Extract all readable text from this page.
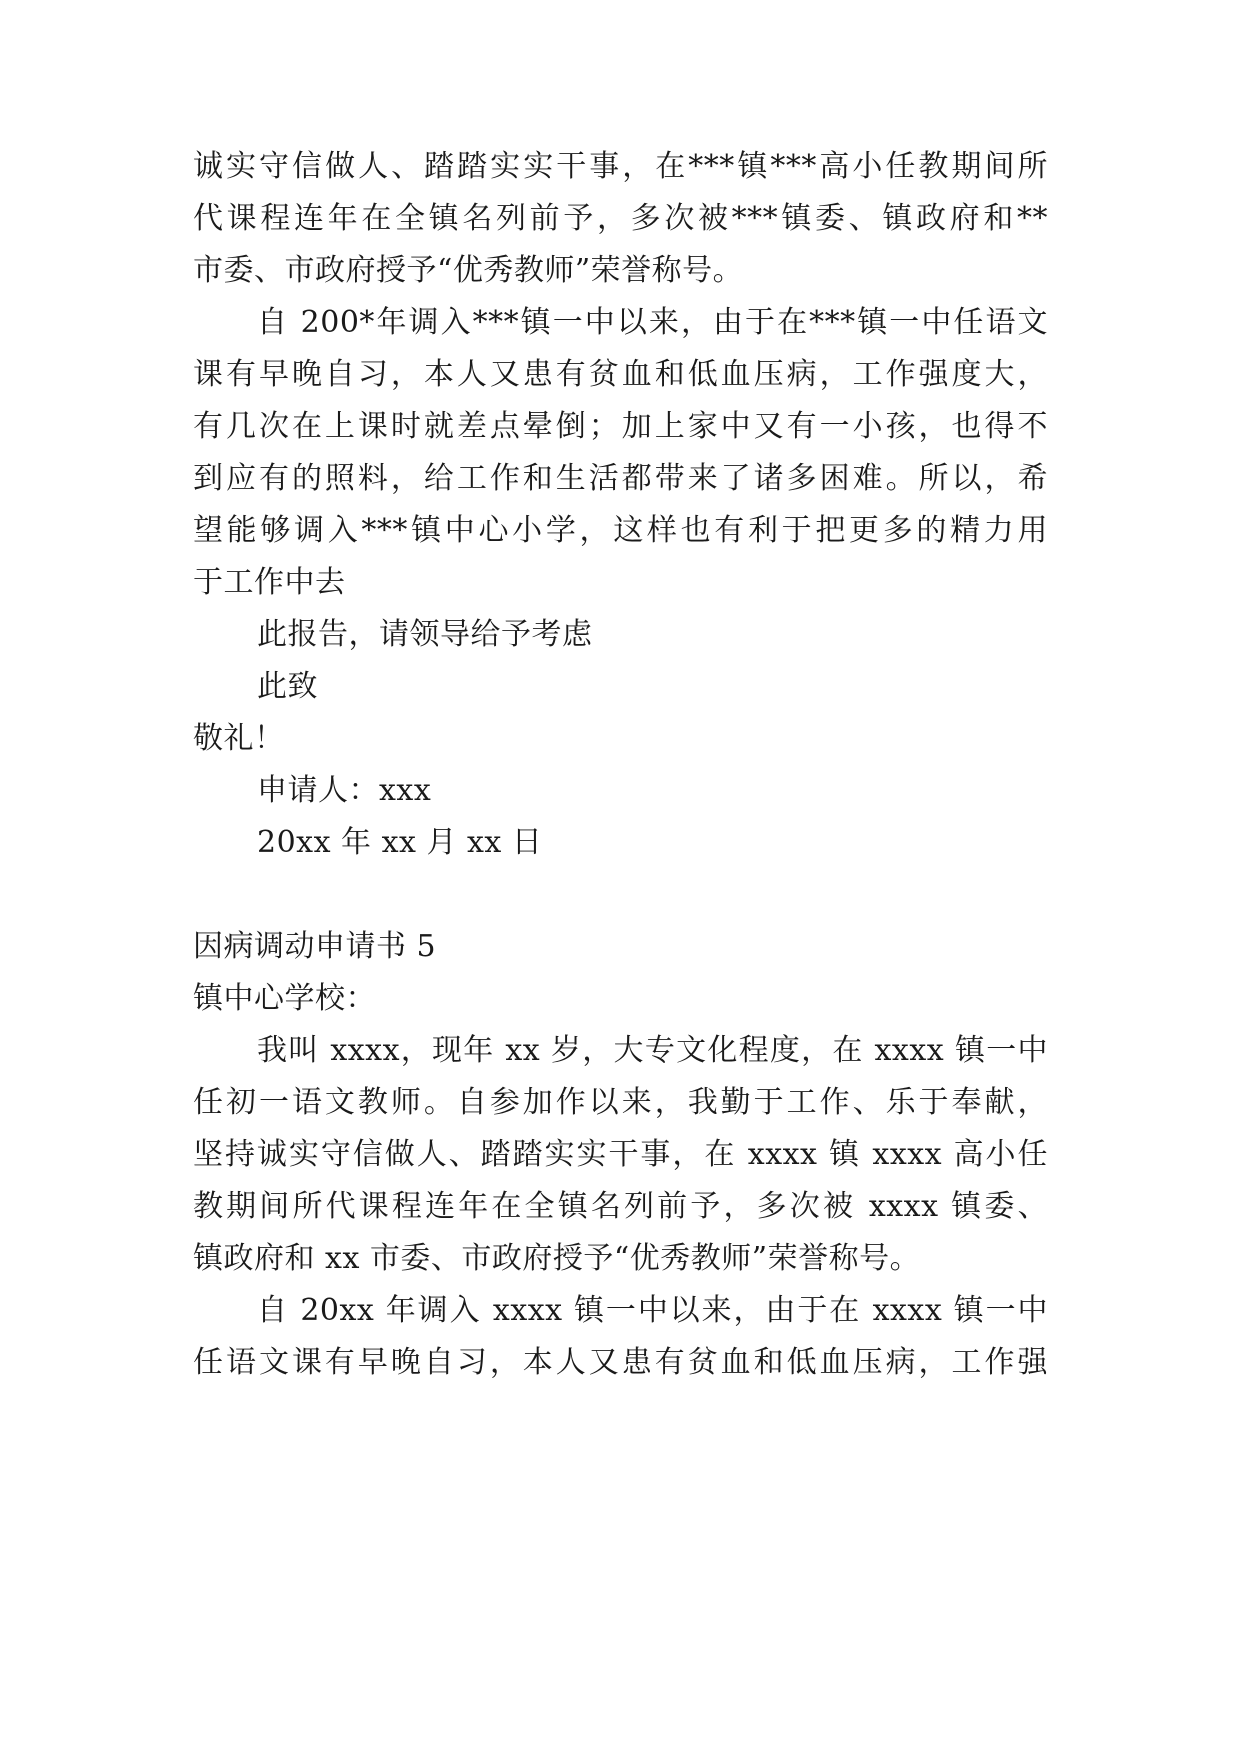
诚实守信做人、踏踏实实干事，在***镇***高小任教期间所
代课程连年在全镇名列前予，多次被***镇委、镇政府和**
市委、市政府授予“优秀教师”荣誉称号。
自 200*年调入***镇一中以来，由于在***镇一中任语文
课有早晚自习，本人又患有贫血和低血压病，工作强度大，
有几次在上课时就差点晕倒；加上家中又有一小孩，也得不
到应有的照料，给工作和生活都带来了诸多困难。所以，希
望能够调入***镇中心小学，这样也有利于把更多的精力用
于工作中去
此报告，请领导给予考虑
此致
敬礼！
申请人：xxx
20xx 年 xx 月 xx 日
因病调动申请书 5
镇中心学校：
我叫 xxxx，现年 xx 岁，大专文化程度，在 xxxx 镇一中
任初一语文教师。自参加作以来，我勤于工作、乐于奉献，
坚持诚实守信做人、踏踏实实干事，在 xxxx 镇 xxxx 高小任
教期间所代课程连年在全镇名列前予，多次被 xxxx 镇委、
镇政府和 xx 市委、市政府授予“优秀教师”荣誉称号。
自 20xx 年调入 xxxx 镇一中以来，由于在 xxxx 镇一中
任语文课有早晚自习，本人又患有贫血和低血压病，工作强
